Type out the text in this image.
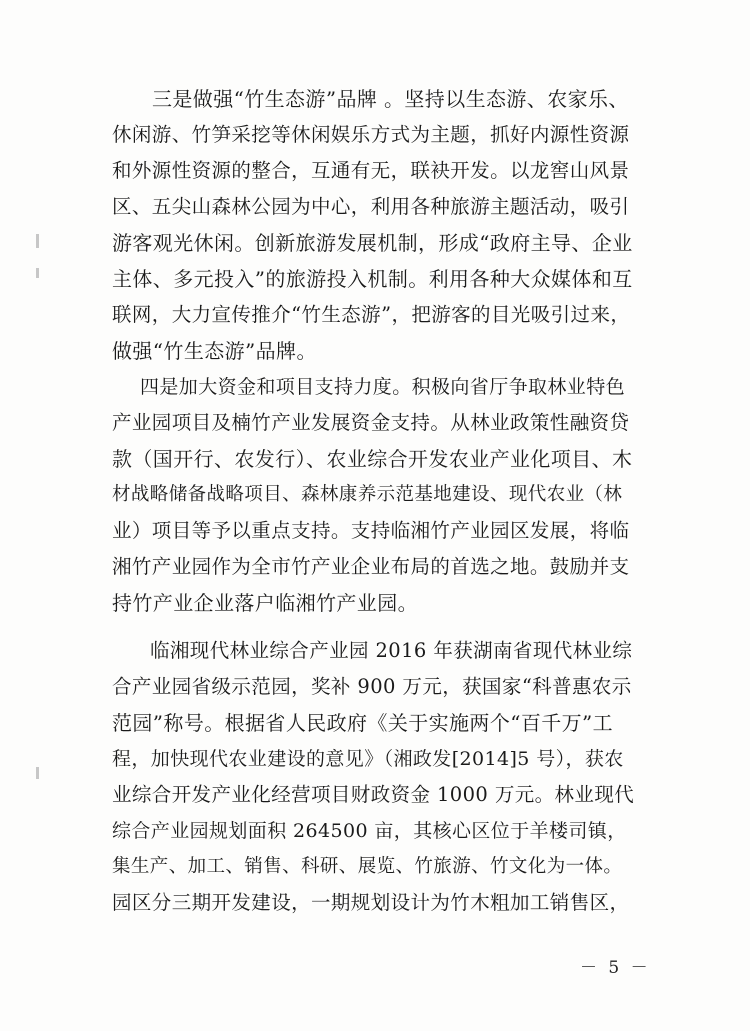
三是做强“竹生态游”品牌 。坚持以生态游、农家乐、
休闲游、竹笋采挖等休闲娱乐方式为主题，抓好内源性资源
和外源性资源的整合，互通有无，联袂开发。以龙窖山风景
区、五尖山森林公园为中心，利用各种旅游主题活动，吸引
游客观光休闲。创新旅游发展机制，形成“政府主导、企业
主体、多元投入”的旅游投入机制。利用各种大众媒体和互
联网，大力宣传推介“竹生态游”，把游客的目光吸引过来，
做强“竹生态游”品牌。
四是加大资金和项目支持力度。积极向省厅争取林业特色
产业园项目及楠竹产业发展资金支持。从林业政策性融资贷
款（国开行、农发行）、农业综合开发农业产业化项目、木
材战略储备战略项目、森林康养示范基地建设、现代农业（林
业）项目等予以重点支持。支持临湘竹产业园区发展，将临
湘竹产业园作为全市竹产业企业布局的首选之地。鼓励并支
持竹产业企业落户临湘竹产业园。
临湘现代林业综合产业园 2016 年获湖南省现代林业综
合产业园省级示范园，奖补 900 万元，获国家“科普惠农示
范园”称号。根据省人民政府《关于实施两个“百千万”工
程，加快现代农业建设的意见》（湘政发[2014]5 号），获农
业综合开发产业化经营项目财政资金 1000 万元。林业现代
综合产业园规划面积 264500 亩，其核心区位于羊楼司镇，
集生产、加工、销售、科研、展览、竹旅游、竹文化为一体。
园区分三期开发建设，一期规划设计为竹木粗加工销售区，
－ 5 －
